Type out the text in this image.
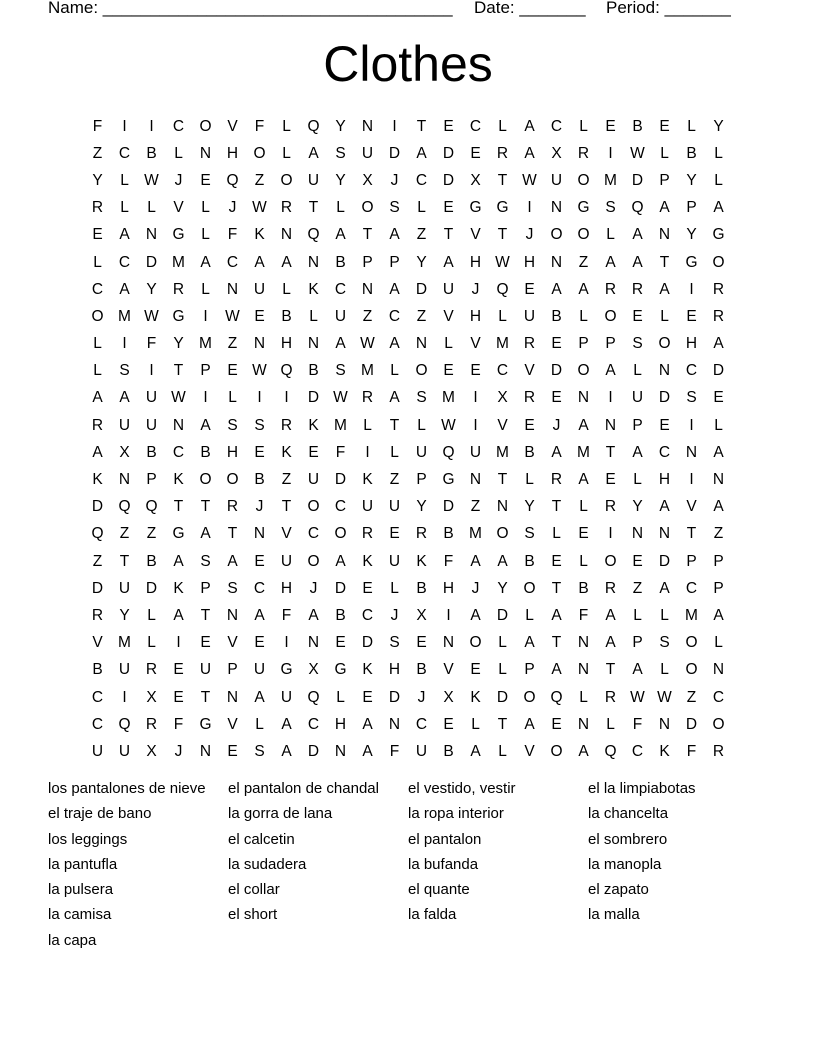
Name: _____________________________________

Date: _______

Period: _______

Clothes
F	I	I	C O	V	F	L	Q	Y	N	I	T	E	C	L	A	C	L	E	B	E	L	Y
Z	C	B	L	N	H O	L	A	S	U	D	A	D	E	R	A	X	R	I	W L	B	L
Y	L W	J	E	Q	Z	O U	Y	X	J	C	D	X	T W U O M D	P	Y	L
R	L	L	V	L	J	W R	T	L	O	S	L	E	G G	I	N G	S	Q	A	P	A
E	A	N G	L	F	K	N Q	A	T	A	Z	T	V	T	J	O O	L	A	N	Y	G
L	C	D M A	C	A	A	N	B	P	P	Y	A	H W H	N	Z	A	A	T	G O
C	A	Y	R	L	N	U	L	K	C	N	A	D	U	J	Q	E	A	A	R	R	A	I	R
O M W G	I	W E	B	L	U	Z	C	Z	V	H	L	U	B	L	O	E	L	E	R
L	I	F	Y M	Z	N	H	N	A W A	N	L	V M R	E	P	P	S	O H	A
L	S	I	T	P	E W Q	B	S M	L	O	E	E	C	V	D O	A	L	N	C	D
A	A	U W	I	L	I	I	D W R	A	S M	I	X	R	E	N	I	U	D	S	E
R	U	U	N	A	S	S	R	K M	L	T	L W	I	V	E	J	A	N	P	E	I	L
A	X	B	C	B	H	E	K	E	F	I	L	U Q U M B	A M	T	A	C	N	A
K	N	P	K	O O	B	Z	U	D	K	Z	P	G N	T	L	R	A	E	L	H	I	N
D Q Q	T	T	R	J	T	O C	U	U	Y	D	Z	N	Y	T	L	R	Y	A	V	A
Q	Z	Z	G	A	T	N	V	C O R	E	R	B M O	S	L	E	I	N	N	T	Z
Z	T	B	A	S	A	E	U O	A	K	U	K	F	A	A	B	E	L	O	E	D	P	P
D	U	D	K	P	S	C	H	J	D	E	L	B	H	J	Y	O	T	B	R	Z	A	C	P
R	Y	L	A	T	N	A	F	A	B	C	J	X	I	A	D	L	A	F	A	L	L	M A
V M	L	I	E	V	E	I	N	E	D	S	E	N O	L	A	T	N	A	P	S	O	L
B	U	R	E	U	P	U G	X	G	K	H	B	V	E	L	P	A	N	T	A	L	O N
C	I	X	E	T	N	A	U Q	L	E	D	J	X	K	D O Q	L	R W W Z	C
C Q R	F	G	V	L	A	C	H	A	N	C	E	L	T	A	E	N	L	F	N	D O
U	U	X	J	N	E	S	A	D	N	A	F	U	B	A	L	V	O	A	Q C	K	F	R
los pantalones de nieve	el pantalon de chandal	el vestido, vestir	el la limpiabotas
el traje de bano	la gorra de lana	la ropa interior	la chancelta
los leggings	el calcetin	el pantalon	el sombrero
la pantufla	la sudadera	la bufanda	la manopla
la pulsera	el collar	el quante	el zapato
la camisa	el short	la falda	la malla
la capa
